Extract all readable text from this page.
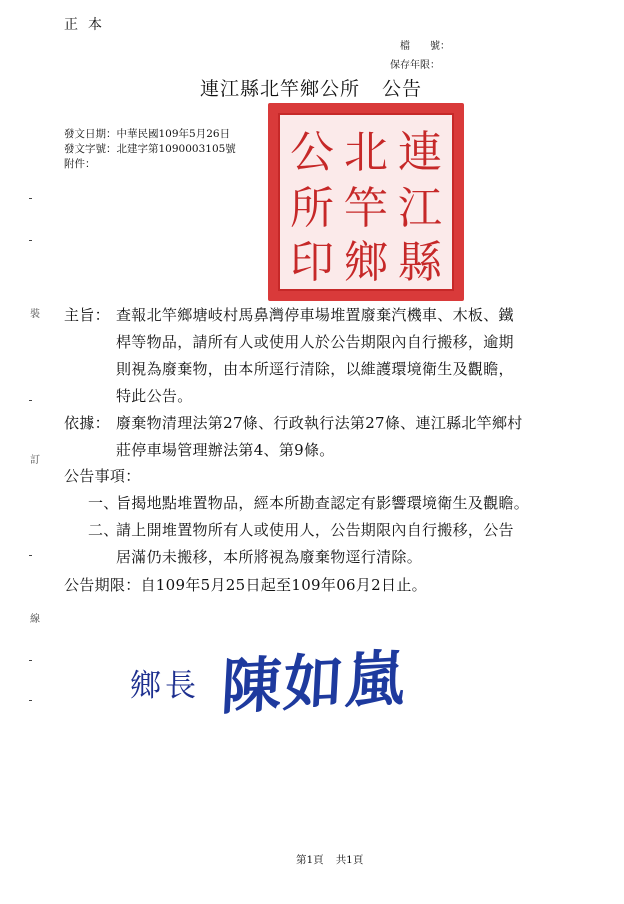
正本
檔　　號：
保存年限：
連江縣北竿鄉公所 公告
發文日期：中華民國109年5月26日
發文字號：北建字第1090003105號
附件：	連
江
縣
北
竿
鄉
公
所
印
裝
訂
線
主旨： 查報北竿鄉塘岐村馬鼻灣停車場堆置廢棄汽機車、木板、鐵
桿等物品，請所有人或使用人於公告期限內自行搬移，逾期
則視為廢棄物，由本所逕行清除，以維護環境衛生及觀瞻，
特此公告。
依據： 廢棄物清理法第27條、行政執行法第27條、連江縣北竿鄉村
莊停車場管理辦法第4、第9條。
公告事項：
一、
旨揭地點堆置物品，經本所勘查認定有影響環境衛生及觀瞻。
二、
請上開堆置物所有人或使用人，公告期限內自行搬移，公告
居滿仍未搬移，本所將視為廢棄物逕行清除。
公告期限：自109年5月25日起至109年06月2日止。
鄉長 陳如嵐
第1頁 共1頁
